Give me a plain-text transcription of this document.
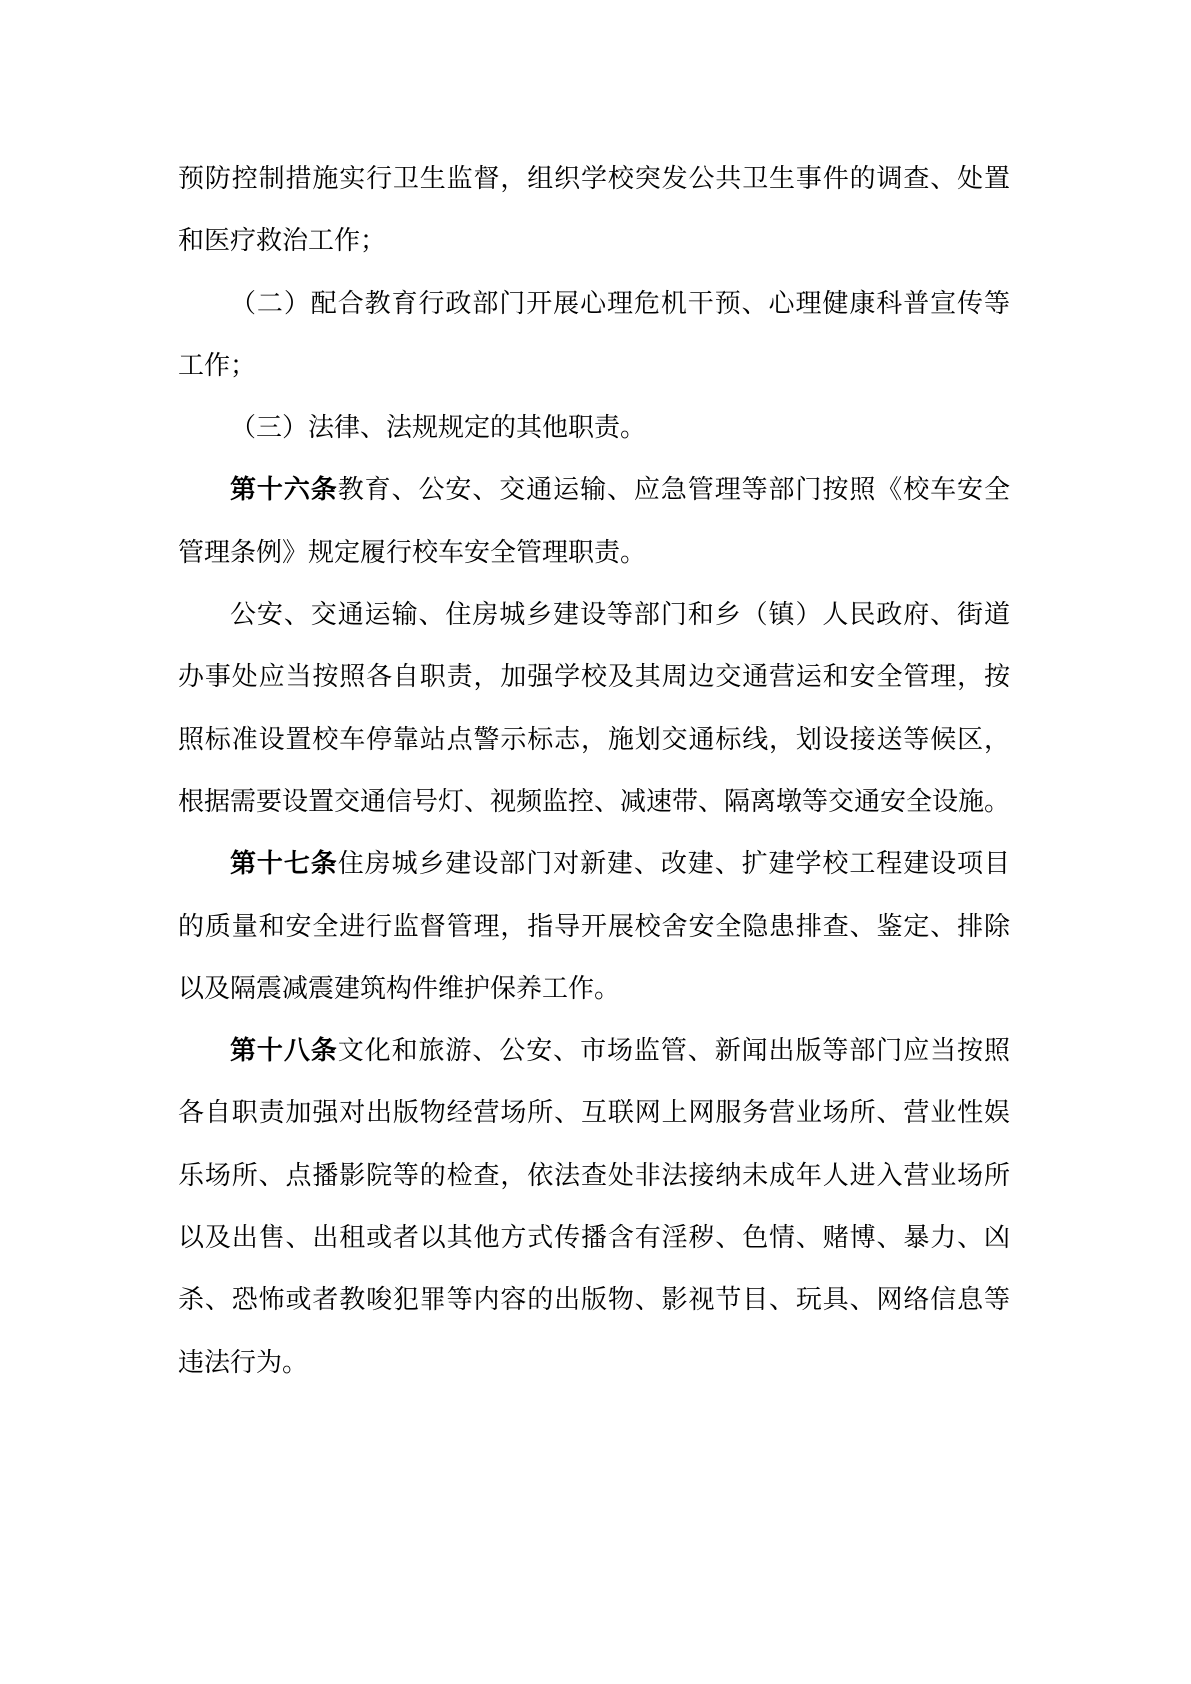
预防控制措施实行卫生监督，组织学校突发公共卫生事件的调查、处置
和医疗救治工作；
（二）配合教育行政部门开展心理危机干预、心理健康科普宣传等
工作；
（三）法律、法规规定的其他职责。
第十六条教育、公安、交通运输、应急管理等部门按照《校车安全
管理条例》规定履行校车安全管理职责。
公安、交通运输、住房城乡建设等部门和乡（镇）人民政府、街道
办事处应当按照各自职责，加强学校及其周边交通营运和安全管理，按
照标准设置校车停靠站点警示标志，施划交通标线，划设接送等候区，
根据需要设置交通信号灯、视频监控、减速带、隔离墩等交通安全设施。
第十七条住房城乡建设部门对新建、改建、扩建学校工程建设项目
的质量和安全进行监督管理，指导开展校舍安全隐患排查、鉴定、排除
以及隔震减震建筑构件维护保养工作。
第十八条文化和旅游、公安、市场监管、新闻出版等部门应当按照
各自职责加强对出版物经营场所、互联网上网服务营业场所、营业性娱
乐场所、点播影院等的检查，依法查处非法接纳未成年人进入营业场所
以及出售、出租或者以其他方式传播含有淫秽、色情、赌博、暴力、凶
杀、恐怖或者教唆犯罪等内容的出版物、影视节目、玩具、网络信息等
违法行为。
